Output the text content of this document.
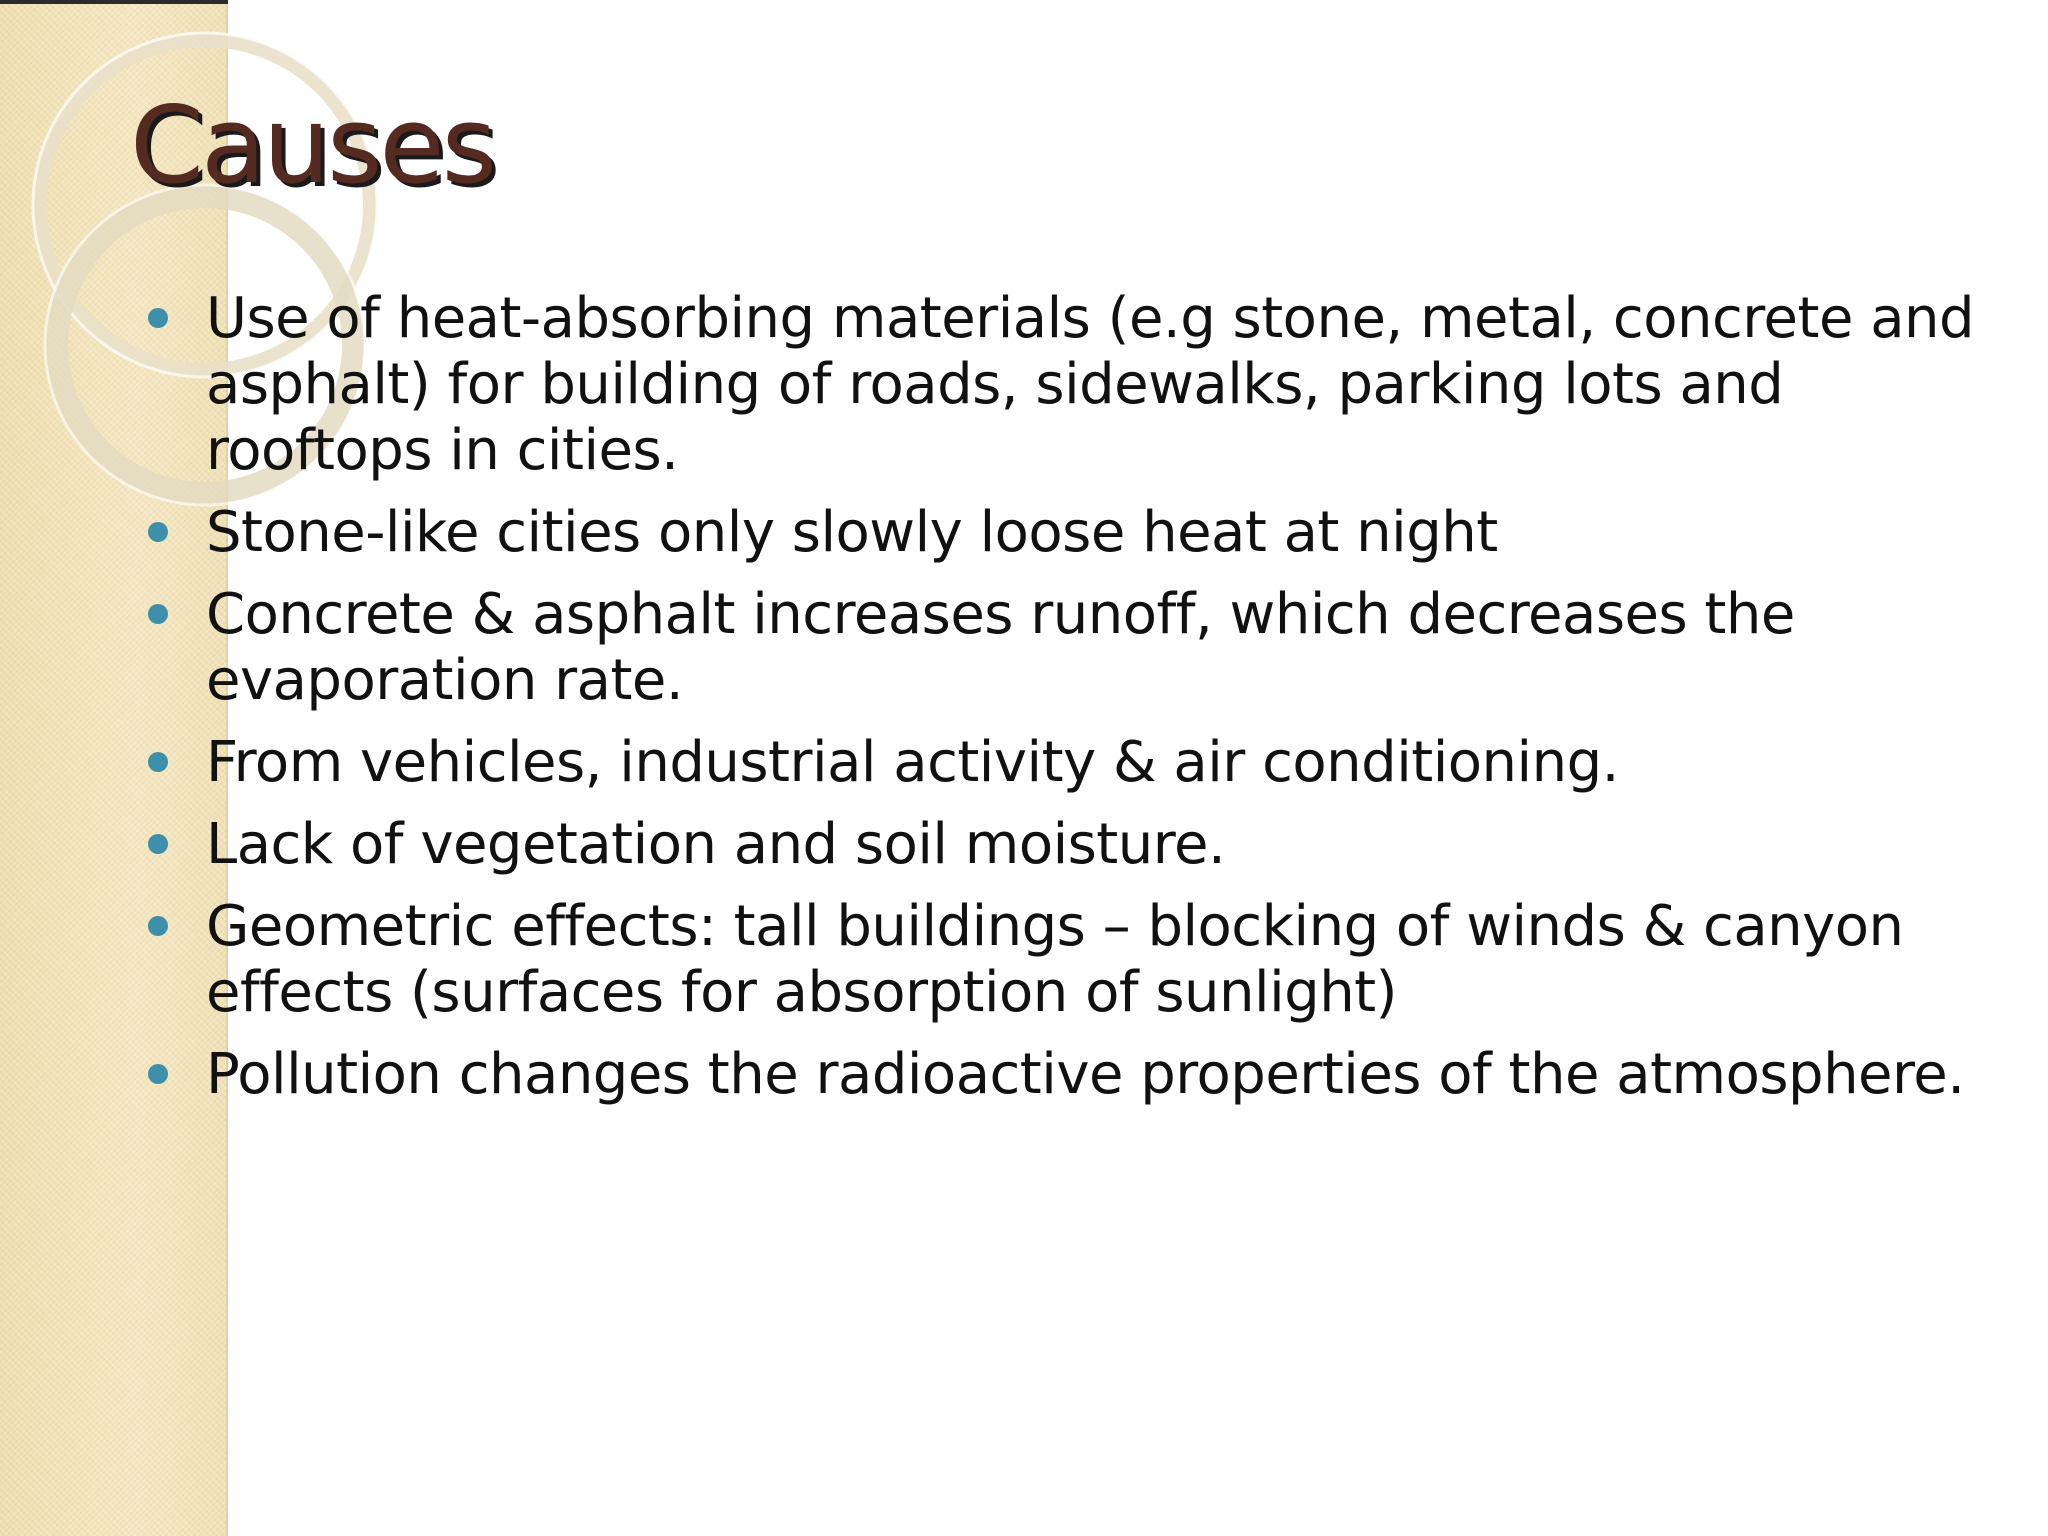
Causes
Use of heat-absorbing materials (e.g stone, metal, concrete and asphalt) for building of roads, sidewalks, parking lots and rooftops in cities.
Stone-like cities only slowly loose heat at night
Concrete & asphalt increases runoff, which decreases the evaporation rate.
From vehicles, industrial activity & air conditioning.
Lack of vegetation and soil moisture.
Geometric effects: tall buildings – blocking of winds & canyon effects (surfaces for absorption of sunlight)
Pollution changes the radioactive properties of the atmosphere.
